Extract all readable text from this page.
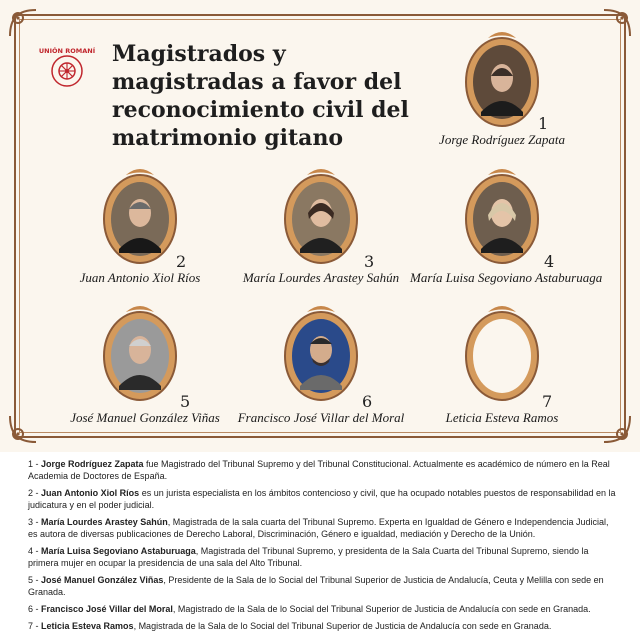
UNIÓN ROMANÍ Magistrados y magistradas a favor del reconocimiento civil del matrimonio gitano
1
Jorge Rodríguez Zapata
2
Juan Antonio Xiol Ríos
3
María Lourdes Arastey Sahún
4
María Luisa Segoviano Astaburuaga
5
José Manuel González Viñas
6
Francisco José Villar del Moral
7
Leticia Esteva Ramos

1 - Jorge Rodríguez Zapata fue Magistrado del Tribunal Supremo y del Tribunal Constitucional. Actualmente es académico de número en la Real Academia de Doctores de España.

2 - Juan Antonio Xiol Ríos es un jurista especialista en los ámbitos contencioso y civil, que ha ocupado notables puestos de responsabilidad en la judicatura y en el poder judicial.

3 - María Lourdes Arastey Sahún, Magistrada de la sala cuarta del Tribunal Supremo. Experta en Igualdad de Género e Independencia Judicial, es autora de diversas publicaciones de Derecho Laboral, Discriminación, Género e igualdad, mediación y Derecho de la Unión.

4 - María Luisa Segoviano Astaburuaga, Magistrada del Tribunal Supremo, y presidenta de la Sala Cuarta del Tribunal Supremo, siendo la primera mujer en ocupar la presidencia de una sala del Alto Tribunal.

5 - José Manuel González Viñas, Presidente de la Sala de lo Social del Tribunal Superior de Justicia de Andalucía, Ceuta y Melilla con sede en Granada.

6 - Francisco José Villar del Moral, Magistrado de la Sala de lo Social del Tribunal Superior de Justicia de Andalucía con sede en Granada.

7 - Leticia Esteva Ramos, Magistrada de la Sala de lo Social del Tribunal Superior de Justicia de Andalucía con sede en Granada.
